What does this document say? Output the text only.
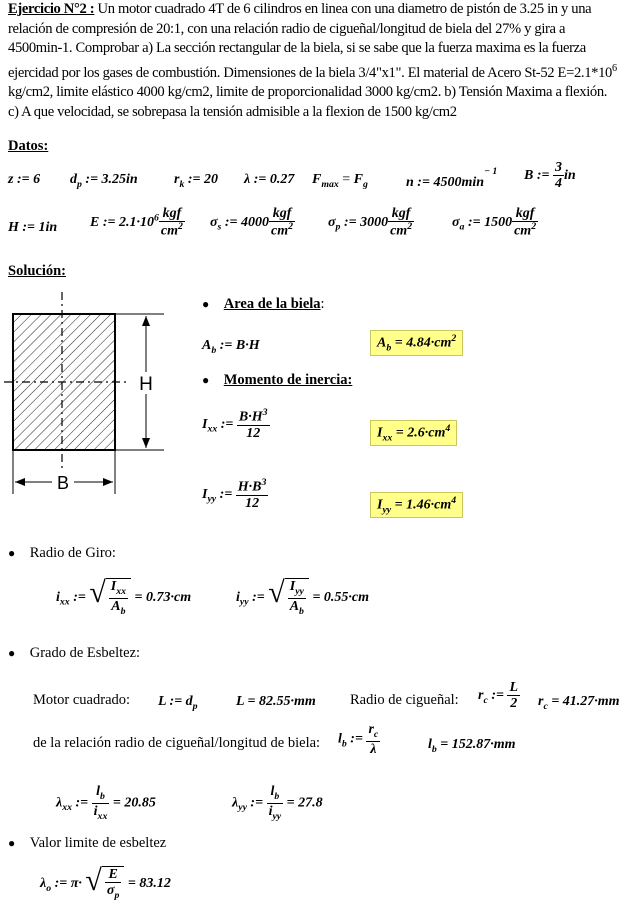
Ejercicio N°2 : Un motor cuadrado 4T de 6 cilindros en linea con una diametro de pistón de 3.25 in y una relación de compresión de 20:1, con una relación radio de cigueñal/longitud de biela del 27% y gira a 4500min-1. Comprobar a) La sección rectangular de la biela, si se sabe que la fuerza maxima es la fuerza ejercidad por los gases de combustión. Dimensiones de la biela 3/4"x1". El material de Acero St-52 $E=2.1*10^6$ kg/cm2, limite elástico 4000 kg/cm2, limite de proporcionalidad 3000 kg/cm2. b) Tensión Maxima a flexión. c) A que velocidad, se sobrepasa la tensión admisible a la flexion de 1500 kg/cm2
Datos:
z := 6 $d_p$ := 3.25in	$r_k$ := 20 λ := 0.27 $F_{max} = F_g$	n := $4500\min^{- 1}$ B := $\frac{3}{4}$ in
H := 1in E := $2.1\cdot 10^6 \frac{\text{kgf}}{cm^2} \sigma_s$ := $4000 \frac{\text{kgf}}{cm^2} \sigma_p$ := $3000 \frac{\text{kgf}}{cm^2}$	$\sigma_a$ := $1500 \frac{\text{kgf}}{cm^2}$
Solución:
H
B
● Area de la biela:
$A_b$ := B·H	$A_b = 4.84\cdot cm^2$
● Momento de inercia:
$I_{xx}$ := $\frac{B\cdot H^3}{12}$	$I_{xx} = 2.6\cdot cm^4$
$I_{yy}$ := $\frac{H\cdot B^3}{12}$	$I_{yy} = 1.46\cdot cm^4$
● Radio de Giro:
$i_{xx}$ := √ $\frac{I_{xx}}{A_b} = 0.73\cdot cm$	$i_{yy}$ := √ $\frac{I_{yy}}{A_b} = 0.55\cdot cm$
● Grado de Esbeltez:
Motor cuadrado: L := $d_p$	L = 82.55·mm Radio de cigueñal: $r_c$ := $\frac{L}{2} r_c = 41.27\cdot mm$
de la relación radio de cigueñal/longitud de biela: $l_b$ := $\frac{r_c}{\lambda}$	$l_b = 152.87\cdot mm$
$\lambda_{xx}$ := $\frac{l_b}{i_{xx}} = 20.85$	$\lambda_{yy}$ := $\frac{l_b}{i_{yy}} = 27.8$
● Valor limite de esbeltez
$\lambda_o$ := π· √ $\frac{E}{\sigma_p} = 83.12$
